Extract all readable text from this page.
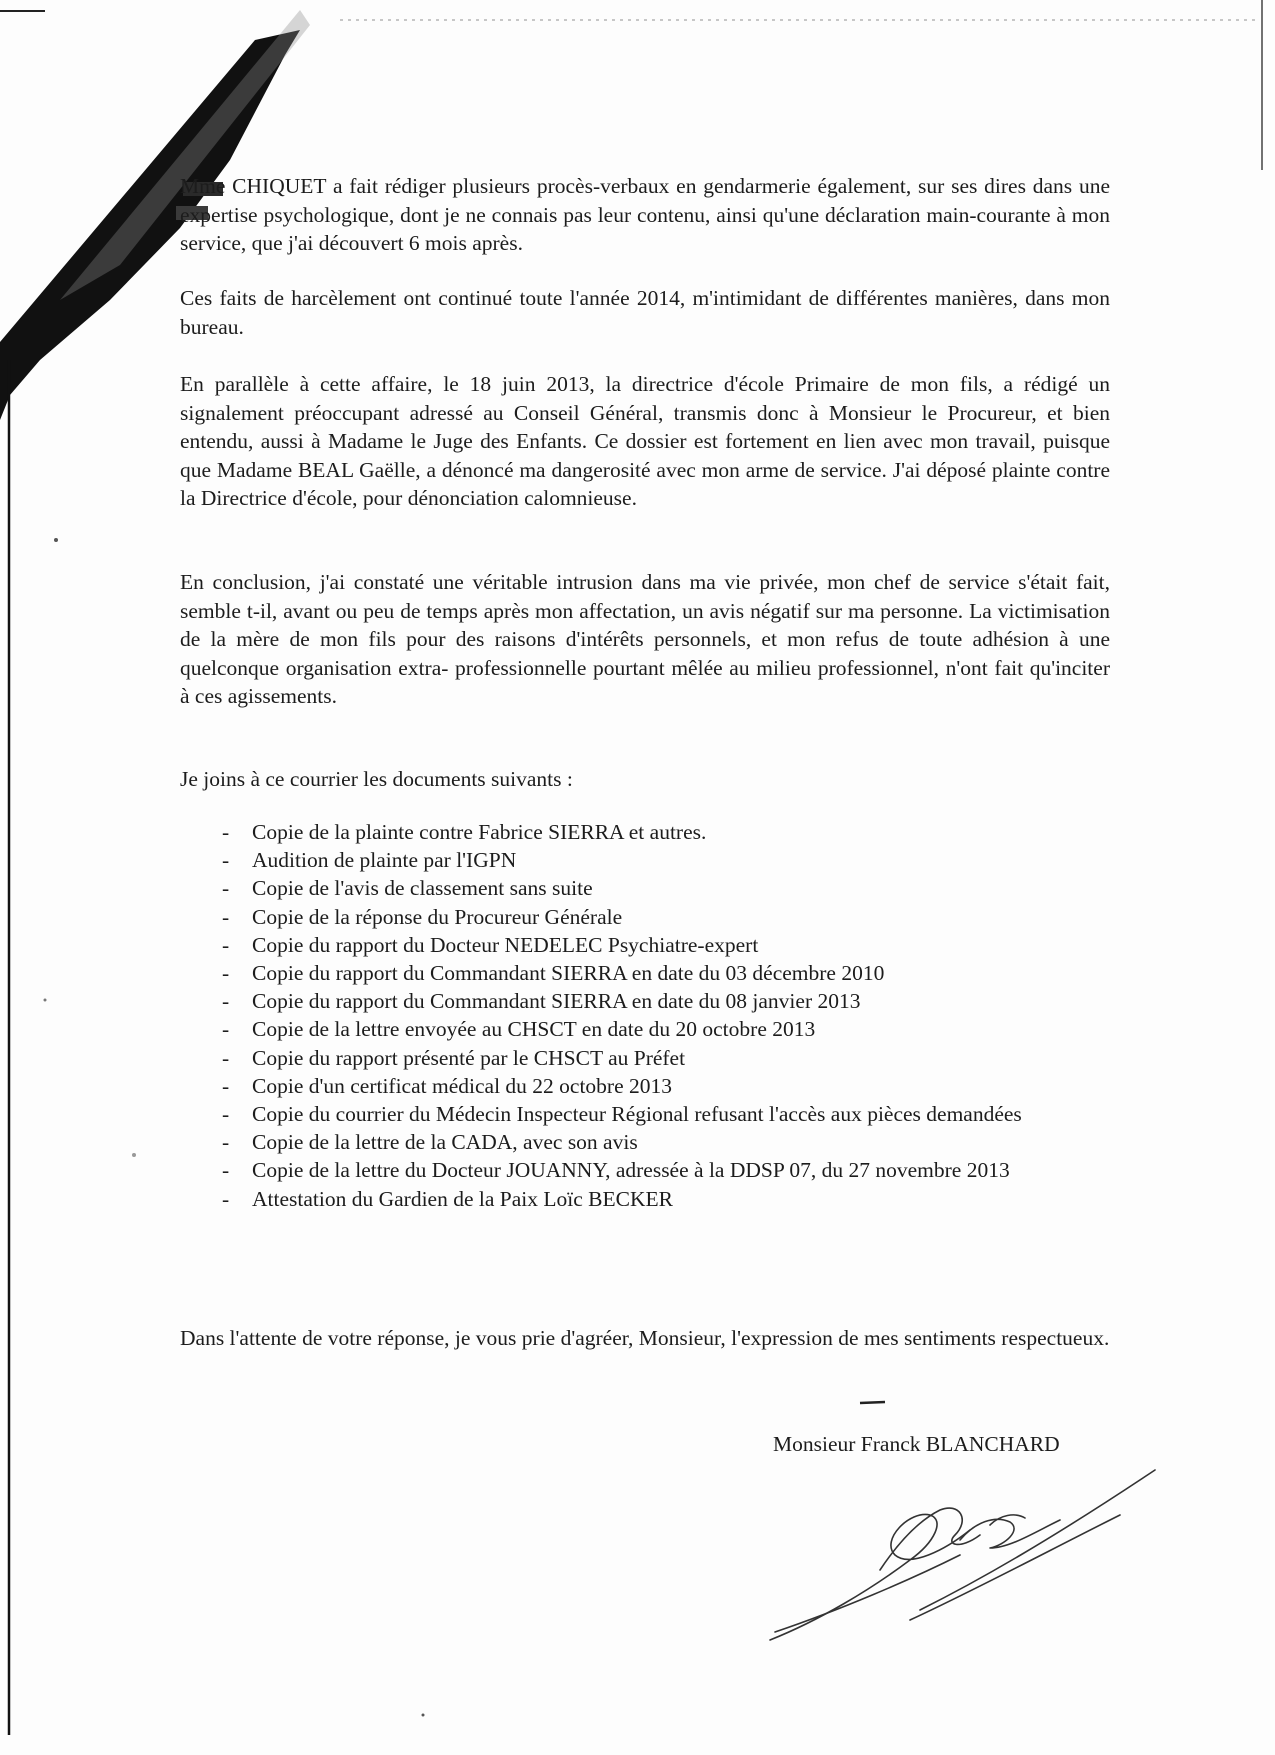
Mme CHIQUET a fait rédiger plusieurs procès-verbaux en gendarmerie également, sur ses dires dans une expertise psychologique, dont je ne connais pas leur contenu, ainsi qu'une déclaration main-courante à mon service, que j'ai découvert 6 mois après.

Ces faits de harcèlement ont continué toute l'année 2014, m'intimidant de différentes manières, dans mon bureau.

En parallèle à cette affaire, le 18 juin 2013, la directrice d'école Primaire de mon fils, a rédigé un signalement préoccupant adressé au Conseil Général, transmis donc à Monsieur le Procureur, et bien entendu, aussi à Madame le Juge des Enfants. Ce dossier est fortement en lien avec mon travail, puisque que Madame BEAL Gaëlle, a dénoncé ma dangerosité avec mon arme de service. J'ai déposé plainte contre la Directrice d'école, pour dénonciation calomnieuse.

En conclusion, j'ai constaté une véritable intrusion dans ma vie privée, mon chef de service s'était fait, semble t-il, avant ou peu de temps après mon affectation, un avis négatif sur ma personne. La victimisation de la mère de mon fils pour des raisons d'intérêts personnels, et mon refus de toute adhésion à une quelconque organisation extra- professionnelle pourtant mêlée au milieu professionnel, n'ont fait qu'inciter à ces agissements.

Je joins à ce courrier les documents suivants :

- Copie de la plainte contre Fabrice SIERRA et autres.
- Audition de plainte par l'IGPN
- Copie de l'avis de classement sans suite
- Copie de la réponse du Procureur Générale
- Copie du rapport du Docteur NEDELEC Psychiatre-expert
- Copie du rapport du Commandant SIERRA en date du 03 décembre 2010
- Copie du rapport du Commandant SIERRA en date du 08 janvier 2013
- Copie de la lettre envoyée au CHSCT en date du 20 octobre 2013
- Copie du rapport présenté par le CHSCT au Préfet
- Copie d'un certificat médical du 22 octobre 2013
- Copie du courrier du Médecin Inspecteur Régional refusant l'accès aux pièces demandées
- Copie de la lettre de la CADA, avec son avis
- Copie de la lettre du Docteur JOUANNY, adressée à la DDSP 07, du 27 novembre 2013
- Attestation du Gardien de la Paix Loïc BECKER

Dans l'attente de votre réponse, je vous prie d'agréer, Monsieur, l'expression de mes sentiments respectueux.

Monsieur Franck BLANCHARD
